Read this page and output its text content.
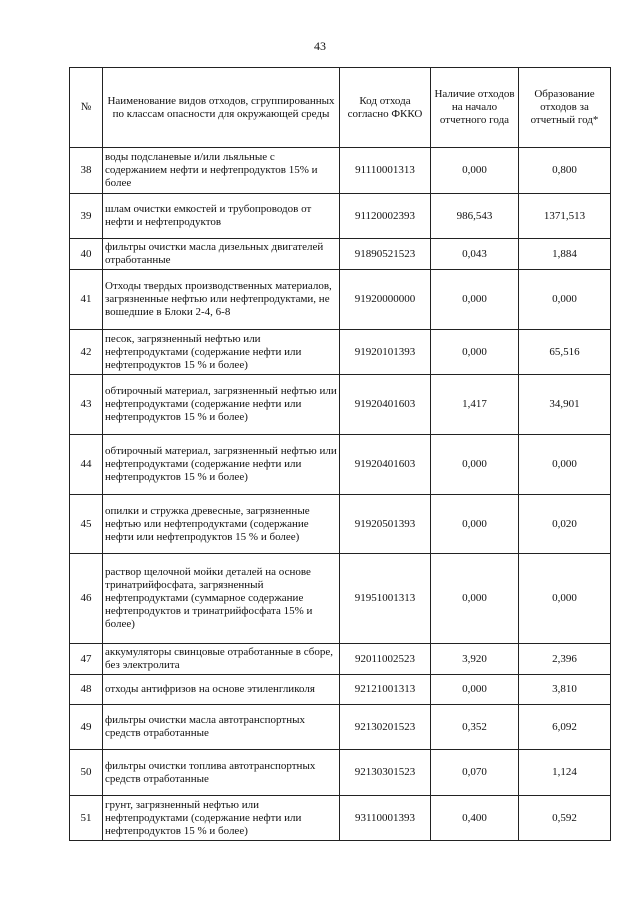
43
№	Наименование видов отходов, сгруппированных по классам опасности для окружающей среды	Код отхода согласно ФККО	Наличие отходов на начало отчетного года	Образование отходов за отчетный год*
38	воды подсланевые и/или льяльные с содержанием нефти и нефтепродуктов 15% и более	91110001313	0,000	0,800
39	шлам очистки емкостей и трубопроводов от нефти и нефтепродуктов	91120002393	986,543	1371,513
40	фильтры очистки масла дизельных двигателей отработанные	91890521523	0,043	1,884
41	Отходы твердых производственных материалов, загрязненные нефтью или нефтепродуктами, не вошедшие в Блоки 2-4, 6-8	91920000000	0,000	0,000
42	песок, загрязненный нефтью или нефтепродуктами (содержание нефти или нефтепродуктов 15 % и более)	91920101393	0,000	65,516
43	обтирочный материал, загрязненный нефтью или нефтепродуктами (содержание нефти или нефтепродуктов 15 % и более)	91920401603	1,417	34,901
44	обтирочный материал, загрязненный нефтью или нефтепродуктами (содержание нефти или нефтепродуктов 15 % и более)	91920401603	0,000	0,000
45	опилки и стружка древесные, загрязненные нефтью или нефтепродуктами (содержание нефти или нефтепродуктов 15 % и более)	91920501393	0,000	0,020
46	раствор щелочной мойки деталей на основе тринатрийфосфата, загрязненный нефтепродуктами (суммарное содержание нефтепродуктов и тринатрийфосфата 15% и более)	91951001313	0,000	0,000
47	аккумуляторы свинцовые отработанные в сборе, без электролита	92011002523	3,920	2,396
48	отходы антифризов на основе этиленгликоля	92121001313	0,000	3,810
49	фильтры очистки масла автотранспортных средств отработанные	92130201523	0,352	6,092
50	фильтры очистки топлива автотранспортных средств отработанные	92130301523	0,070	1,124
51	грунт, загрязненный нефтью или нефтепродуктами (содержание нефти или нефтепродуктов 15 % и более)	93110001393	0,400	0,592
